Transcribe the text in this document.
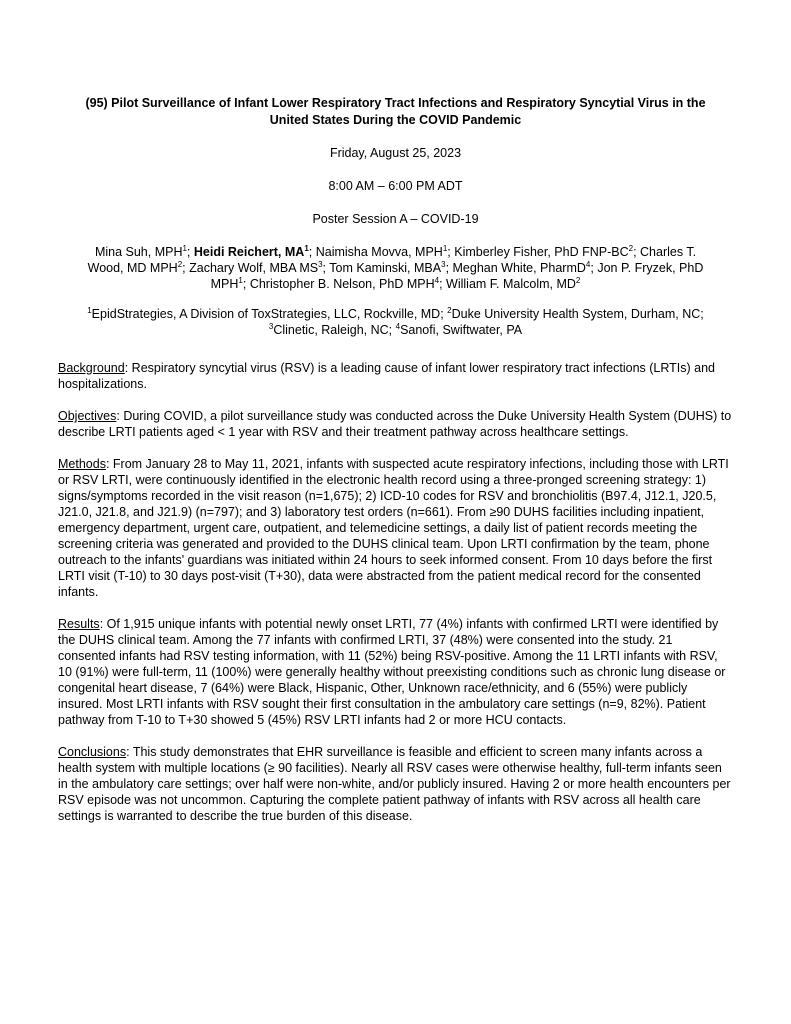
(95) Pilot Surveillance of Infant Lower Respiratory Tract Infections and Respiratory Syncytial Virus in the
United States During the COVID Pandemic

Friday, August 25, 2023

8:00 AM – 6:00 PM ADT

Poster Session A – COVID-19

Mina Suh, MPH$^1$; Heidi Reichert, MA$^1$; Naimisha Movva, MPH$^1$; Kimberley Fisher, PhD FNP-BC$^2$; Charles T. Wood, MD MPH$^2$; Zachary Wolf, MBA MS$^3$; Tom Kaminski, MBA$^3$; Meghan White, PharmD$^4$; Jon P. Fryzek, PhD MPH$^1$; Christopher B. Nelson, PhD MPH$^4$; William F. Malcolm, MD$^2$

$^1$EpidStrategies, A Division of ToxStrategies, LLC, Rockville, MD; $^2$Duke University Health System, Durham, NC; $^3$Clinetic, Raleigh, NC; $^4$Sanofi, Swiftwater, PA

Background: Respiratory syncytial virus (RSV) is a leading cause of infant lower respiratory tract infections (LRTIs) and hospitalizations.

Objectives: During COVID, a pilot surveillance study was conducted across the Duke University Health System (DUHS) to describe LRTI patients aged < 1 year with RSV and their treatment pathway across healthcare settings.

Methods: From January 28 to May 11, 2021, infants with suspected acute respiratory infections, including those with LRTI or RSV LRTI, were continuously identified in the electronic health record using a three-pronged screening strategy: 1) signs/symptoms recorded in the visit reason (n=1,675); 2) ICD-10 codes for RSV and bronchiolitis (B97.4, J12.1, J20.5, J21.0, J21.8, and J21.9) (n=797); and 3) laboratory test orders (n=661). From ≥90 DUHS facilities including inpatient, emergency department, urgent care, outpatient, and telemedicine settings, a daily list of patient records meeting the screening criteria was generated and provided to the DUHS clinical team. Upon LRTI confirmation by the team, phone outreach to the infants' guardians was initiated within 24 hours to seek informed consent. From 10 days before the first LRTI visit (T-10) to 30 days post-visit (T+30), data were abstracted from the patient medical record for the consented infants.

Results: Of 1,915 unique infants with potential newly onset LRTI, 77 (4%) infants with confirmed LRTI were identified by the DUHS clinical team. Among the 77 infants with confirmed LRTI, 37 (48%) were consented into the study. 21 consented infants had RSV testing information, with 11 (52%) being RSV-positive. Among the 11 LRTI infants with RSV, 10 (91%) were full-term, 11 (100%) were generally healthy without preexisting conditions such as chronic lung disease or congenital heart disease, 7 (64%) were Black, Hispanic, Other, Unknown race/ethnicity, and 6 (55%) were publicly insured. Most LRTI infants with RSV sought their first consultation in the ambulatory care settings (n=9, 82%). Patient pathway from T-10 to T+30 showed 5 (45%) RSV LRTI infants had 2 or more HCU contacts.

Conclusions: This study demonstrates that EHR surveillance is feasible and efficient to screen many infants across a health system with multiple locations (≥ 90 facilities). Nearly all RSV cases were otherwise healthy, full-term infants seen in the ambulatory care settings; over half were non-white, and/or publicly insured. Having 2 or more health encounters per RSV episode was not uncommon. Capturing the complete patient pathway of infants with RSV across all health care settings is warranted to describe the true burden of this disease.
